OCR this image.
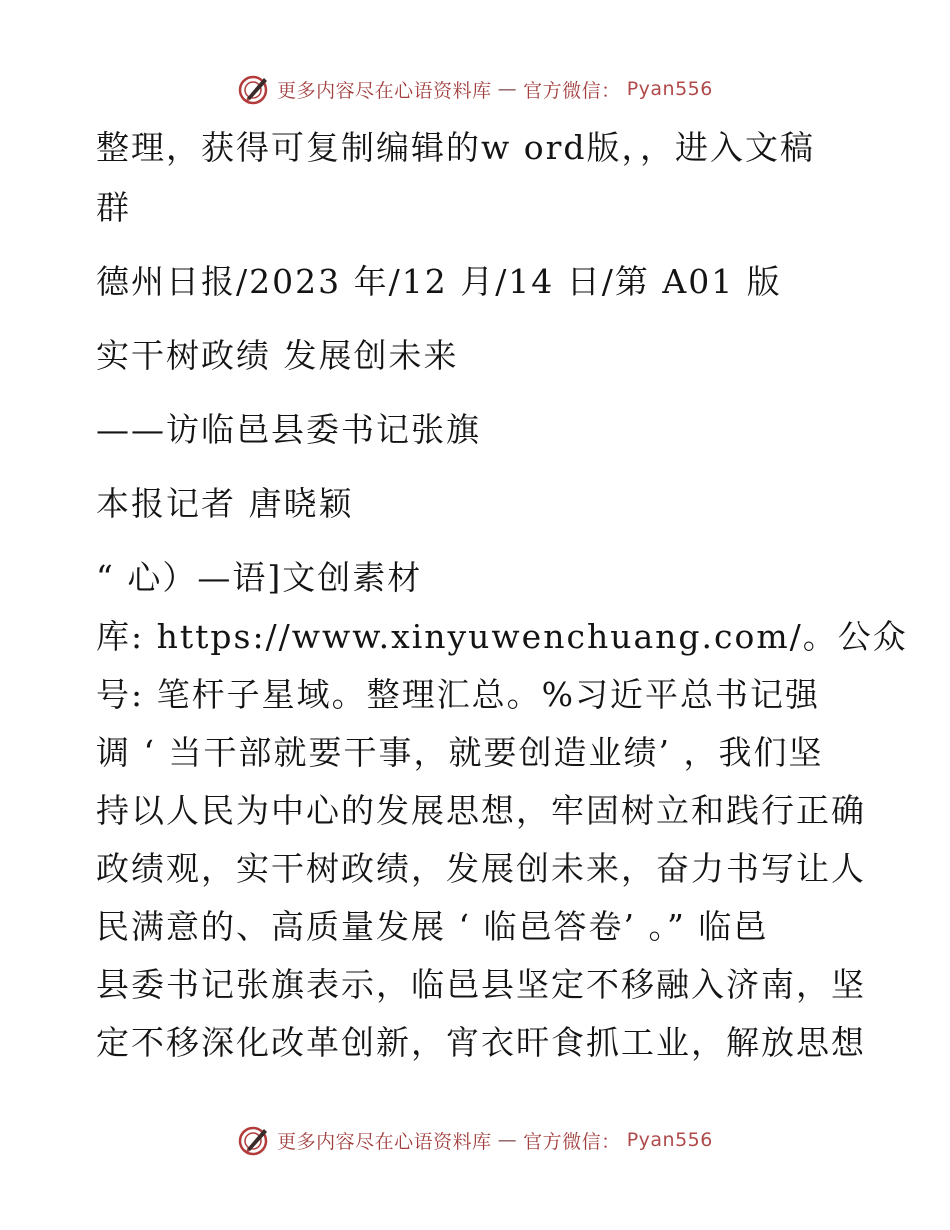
更多内容尽在心语资料库 — 官方微信： Pyan556
整理，获得可复制编辑的w ord版，，进入文稿
群
德州日报/2023 年/12 月/14 日/第 A01 版
实干树政绩 发展创未来
——访临邑县委书记张旗
本报记者 唐晓颖
“ 心）—语]文创素材
库: https://www.xinyuwenchuang.com/。公众
号: 笔杆子星域。整理汇总。%习近平总书记强
调 ‘ 当干部就要干事，就要创造业绩’ ，我们坚
持以人民为中心的发展思想，牢固树立和践行正确
政绩观，实干树政绩，发展创未来，奋力书写让人
民满意的、高质量发展 ‘ 临邑答卷’ 。” 临邑
县委书记张旗表示，临邑县坚定不移融入济南，坚
定不移深化改革创新，宵衣旰食抓工业，解放思想
更多内容尽在心语资料库 — 官方微信： Pyan556
